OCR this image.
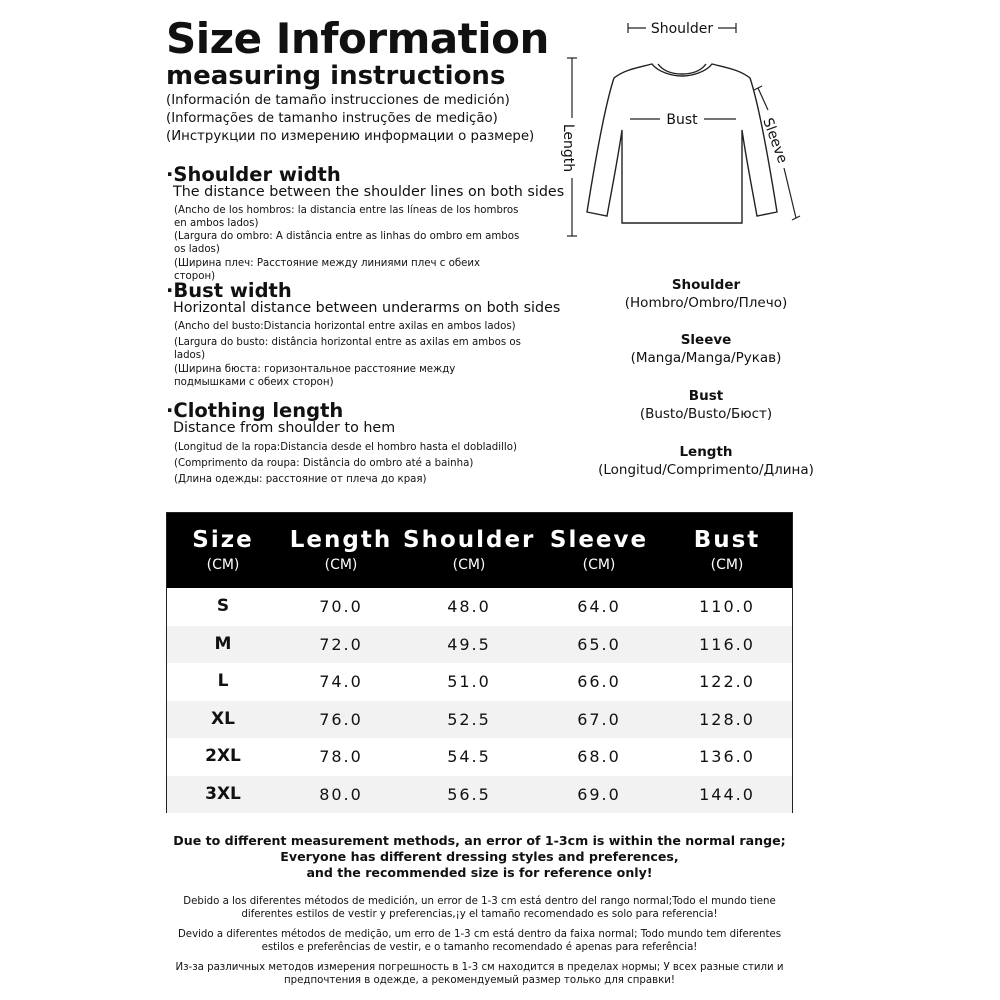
Size Information
measuring instructions
(Información de tamaño instrucciones de medición)
(Informações de tamanho instruções de medição)
(Инструкции по измерению информации о размере)
·Shoulder width
The distance between the shoulder lines on both sides
(Ancho de los hombros: la distancia entre las líneas de los hombros en ambos lados)
(Largura do ombro: A distância entre as linhas do ombro em ambos os lados)
(Ширина плеч: Расстояние между линиями плеч с обеих сторон)
·Bust width
Horizontal distance between underarms on both sides
(Ancho del busto:Distancia horizontal entre axilas en ambos lados)
(Largura do busto: distância horizontal entre as axilas em ambos os lados)
(Ширина бюста: горизонтальное расстояние между подмышками с обеих сторон)
·Clothing length
Distance from shoulder to hem
(Longitud de la ropa:Distancia desde el hombro hasta el dobladillo)
(Comprimento da roupa: Distância do ombro até a bainha)
(Длина одежды: расстояние от плеча до края)
Shoulder
Bust
Length	Sleeve
Shoulder
(Hombro/Ombro/Плечо)
Sleeve
(Manga/Manga/Рукав)
Bust
(Busto/Busto/Бюст)
Length
(Longitud/Comprimento/Длина)
Size
(CM)
Length
(CM)
Shoulder
(CM)
Sleeve
(CM)
Bust
(CM)
S	70.0	48.0	64.0	110.0
M	72.0	49.5	65.0	116.0
L	74.0	51.0	66.0	122.0
XL	76.0	52.5	67.0	128.0
2XL	78.0	54.5	68.0	136.0
3XL	80.0	56.5	69.0	144.0
Due to different measurement methods, an error of 1-3cm is within the normal range;
Everyone has different dressing styles and preferences,
and the recommended size is for reference only!
Debido a los diferentes métodos de medición, un error de 1-3 cm está dentro del rango normal;Todo el mundo tiene diferentes estilos de vestir y preferencias,¡y el tamaño recomendado es solo para referencia!
Devido a diferentes métodos de medição, um erro de 1-3 cm está dentro da faixa normal; Todo mundo tem diferentes estilos e preferências de vestir, e o tamanho recomendado é apenas para referência!
Из-за различных методов измерения погрешность в 1-3 см находится в пределах нормы; У всех разные стили и предпочтения в одежде, а рекомендуемый размер только для справки!
